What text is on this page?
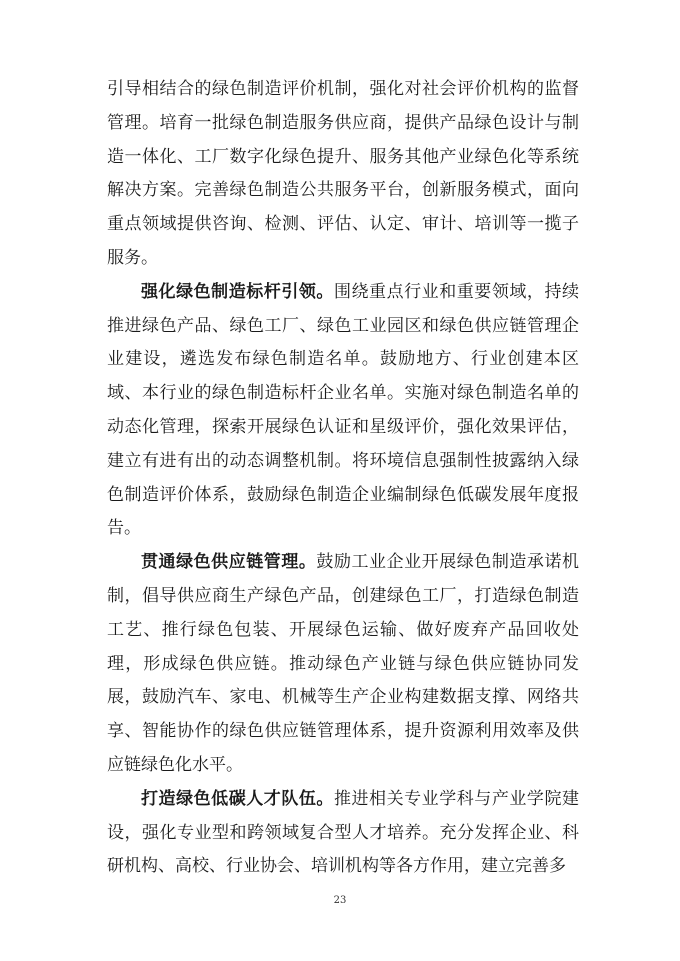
引导相结合的绿色制造评价机制，强化对社会评价机构的监督管理。培育一批绿色制造服务供应商，提供产品绿色设计与制造一体化、工厂数字化绿色提升、服务其他产业绿色化等系统解决方案。完善绿色制造公共服务平台，创新服务模式，面向重点领域提供咨询、检测、评估、认定、审计、培训等一揽子服务。

强化绿色制造标杆引领。围绕重点行业和重要领域，持续推进绿色产品、绿色工厂、绿色工业园区和绿色供应链管理企业建设，遴选发布绿色制造名单。鼓励地方、行业创建本区域、本行业的绿色制造标杆企业名单。实施对绿色制造名单的动态化管理，探索开展绿色认证和星级评价，强化效果评估，建立有进有出的动态调整机制。将环境信息强制性披露纳入绿色制造评价体系，鼓励绿色制造企业编制绿色低碳发展年度报告。

贯通绿色供应链管理。鼓励工业企业开展绿色制造承诺机制，倡导供应商生产绿色产品，创建绿色工厂，打造绿色制造工艺、推行绿色包装、开展绿色运输、做好废弃产品回收处理，形成绿色供应链。推动绿色产业链与绿色供应链协同发展，鼓励汽车、家电、机械等生产企业构建数据支撑、网络共享、智能协作的绿色供应链管理体系，提升资源利用效率及供应链绿色化水平。

打造绿色低碳人才队伍。推进相关专业学科与产业学院建设，强化专业型和跨领域复合型人才培养。充分发挥企业、科研机构、高校、行业协会、培训机构等各方作用，建立完善多

23
